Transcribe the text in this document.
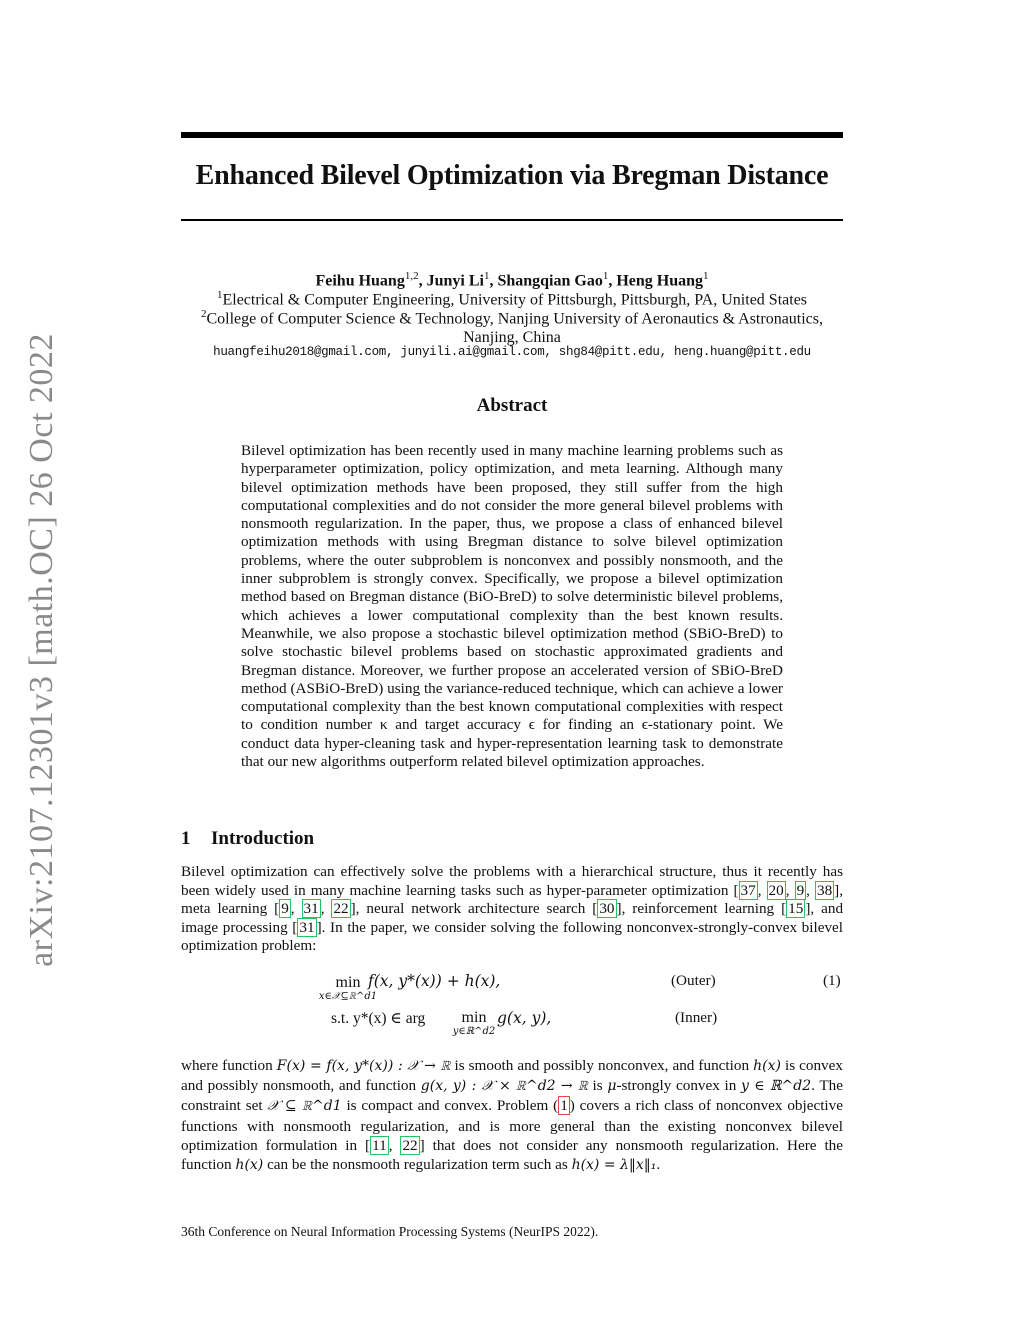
arXiv:2107.12301v3 [math.OC] 26 Oct 2022
Enhanced Bilevel Optimization via Bregman Distance
Feihu Huang$^{1,2}$, Junyi Li$^1$, Shangqian Gao$^1$, Heng Huang$^1$
$^1$Electrical & Computer Engineering, University of Pittsburgh, Pittsburgh, PA, United States
$^2$College of Computer Science & Technology, Nanjing University of Aeronautics & Astronautics, Nanjing, China
huangfeihu2018@gmail.com, junyili.ai@gmail.com, shg84@pitt.edu, heng.huang@pitt.edu
Abstract

Bilevel optimization has been recently used in many machine learning problems such as hyperparameter optimization, policy optimization, and meta learning. Although many bilevel optimization methods have been proposed, they still suffer from the high computational complexities and do not consider the more general bilevel problems with nonsmooth regularization. In the paper, thus, we propose a class of enhanced bilevel optimization methods with using Bregman distance to solve bilevel optimization problems, where the outer subproblem is nonconvex and possibly nonsmooth, and the inner subproblem is strongly convex. Specifically, we propose a bilevel optimization method based on Bregman distance (BiO-BreD) to solve deterministic bilevel problems, which achieves a lower computational complexity than the best known results. Meanwhile, we also propose a stochastic bilevel optimization method (SBiO-BreD) to solve stochastic bilevel problems based on stochastic approximated gradients and Bregman distance. Moreover, we further propose an accelerated version of SBiO-BreD method (ASBiO-BreD) using the variance-reduced technique, which can achieve a lower computational complexity than the best known computational complexities with respect to condition number κ and target accuracy ϵ for finding an ϵ-stationary point. We conduct data hyper-cleaning task and hyper-representation learning task to demonstrate that our new algorithms outperform related bilevel optimization approaches.

1 Introduction

Bilevel optimization can effectively solve the problems with a hierarchical structure, thus it recently has been widely used in many machine learning tasks such as hyper-parameter optimization [ 37 , 20 , 9 , 38 ], meta learning [ 9 , 31 , 22 ], neural network architecture search [ 30 ], reinforcement learning [ 15 ], and image processing [ 31 ]. In the paper, we consider solving the following nonconvex-strongly-convex bilevel optimization problem:

min
x∈𝒳⊆ℝ^d1
f(x, y*(x)) + h(x),	(Outer)	(1)
s.t. y*(x) ∈ arg	min
y∈ℝ^d2
g(x, y),	(Inner)

where function F(x) = f(x, y*(x)) : 𝒳 → ℝ is smooth and possibly nonconvex, and function h(x) is convex and possibly nonsmooth, and function g(x, y) : 𝒳 × ℝ^d2 → ℝ is μ-strongly convex in y ∈ ℝ^d2. The constraint set 𝒳 ⊆ ℝ^d1 is compact and convex. Problem ( 1 ) covers a rich class of nonconvex objective functions with nonsmooth regularization, and is more general than the existing nonconvex bilevel optimization formulation in [ 11 , 22 ] that does not consider any nonsmooth regularization. Here the function h(x) can be the nonsmooth regularization term such as h(x) = λ‖x‖₁.

36th Conference on Neural Information Processing Systems (NeurIPS 2022).
